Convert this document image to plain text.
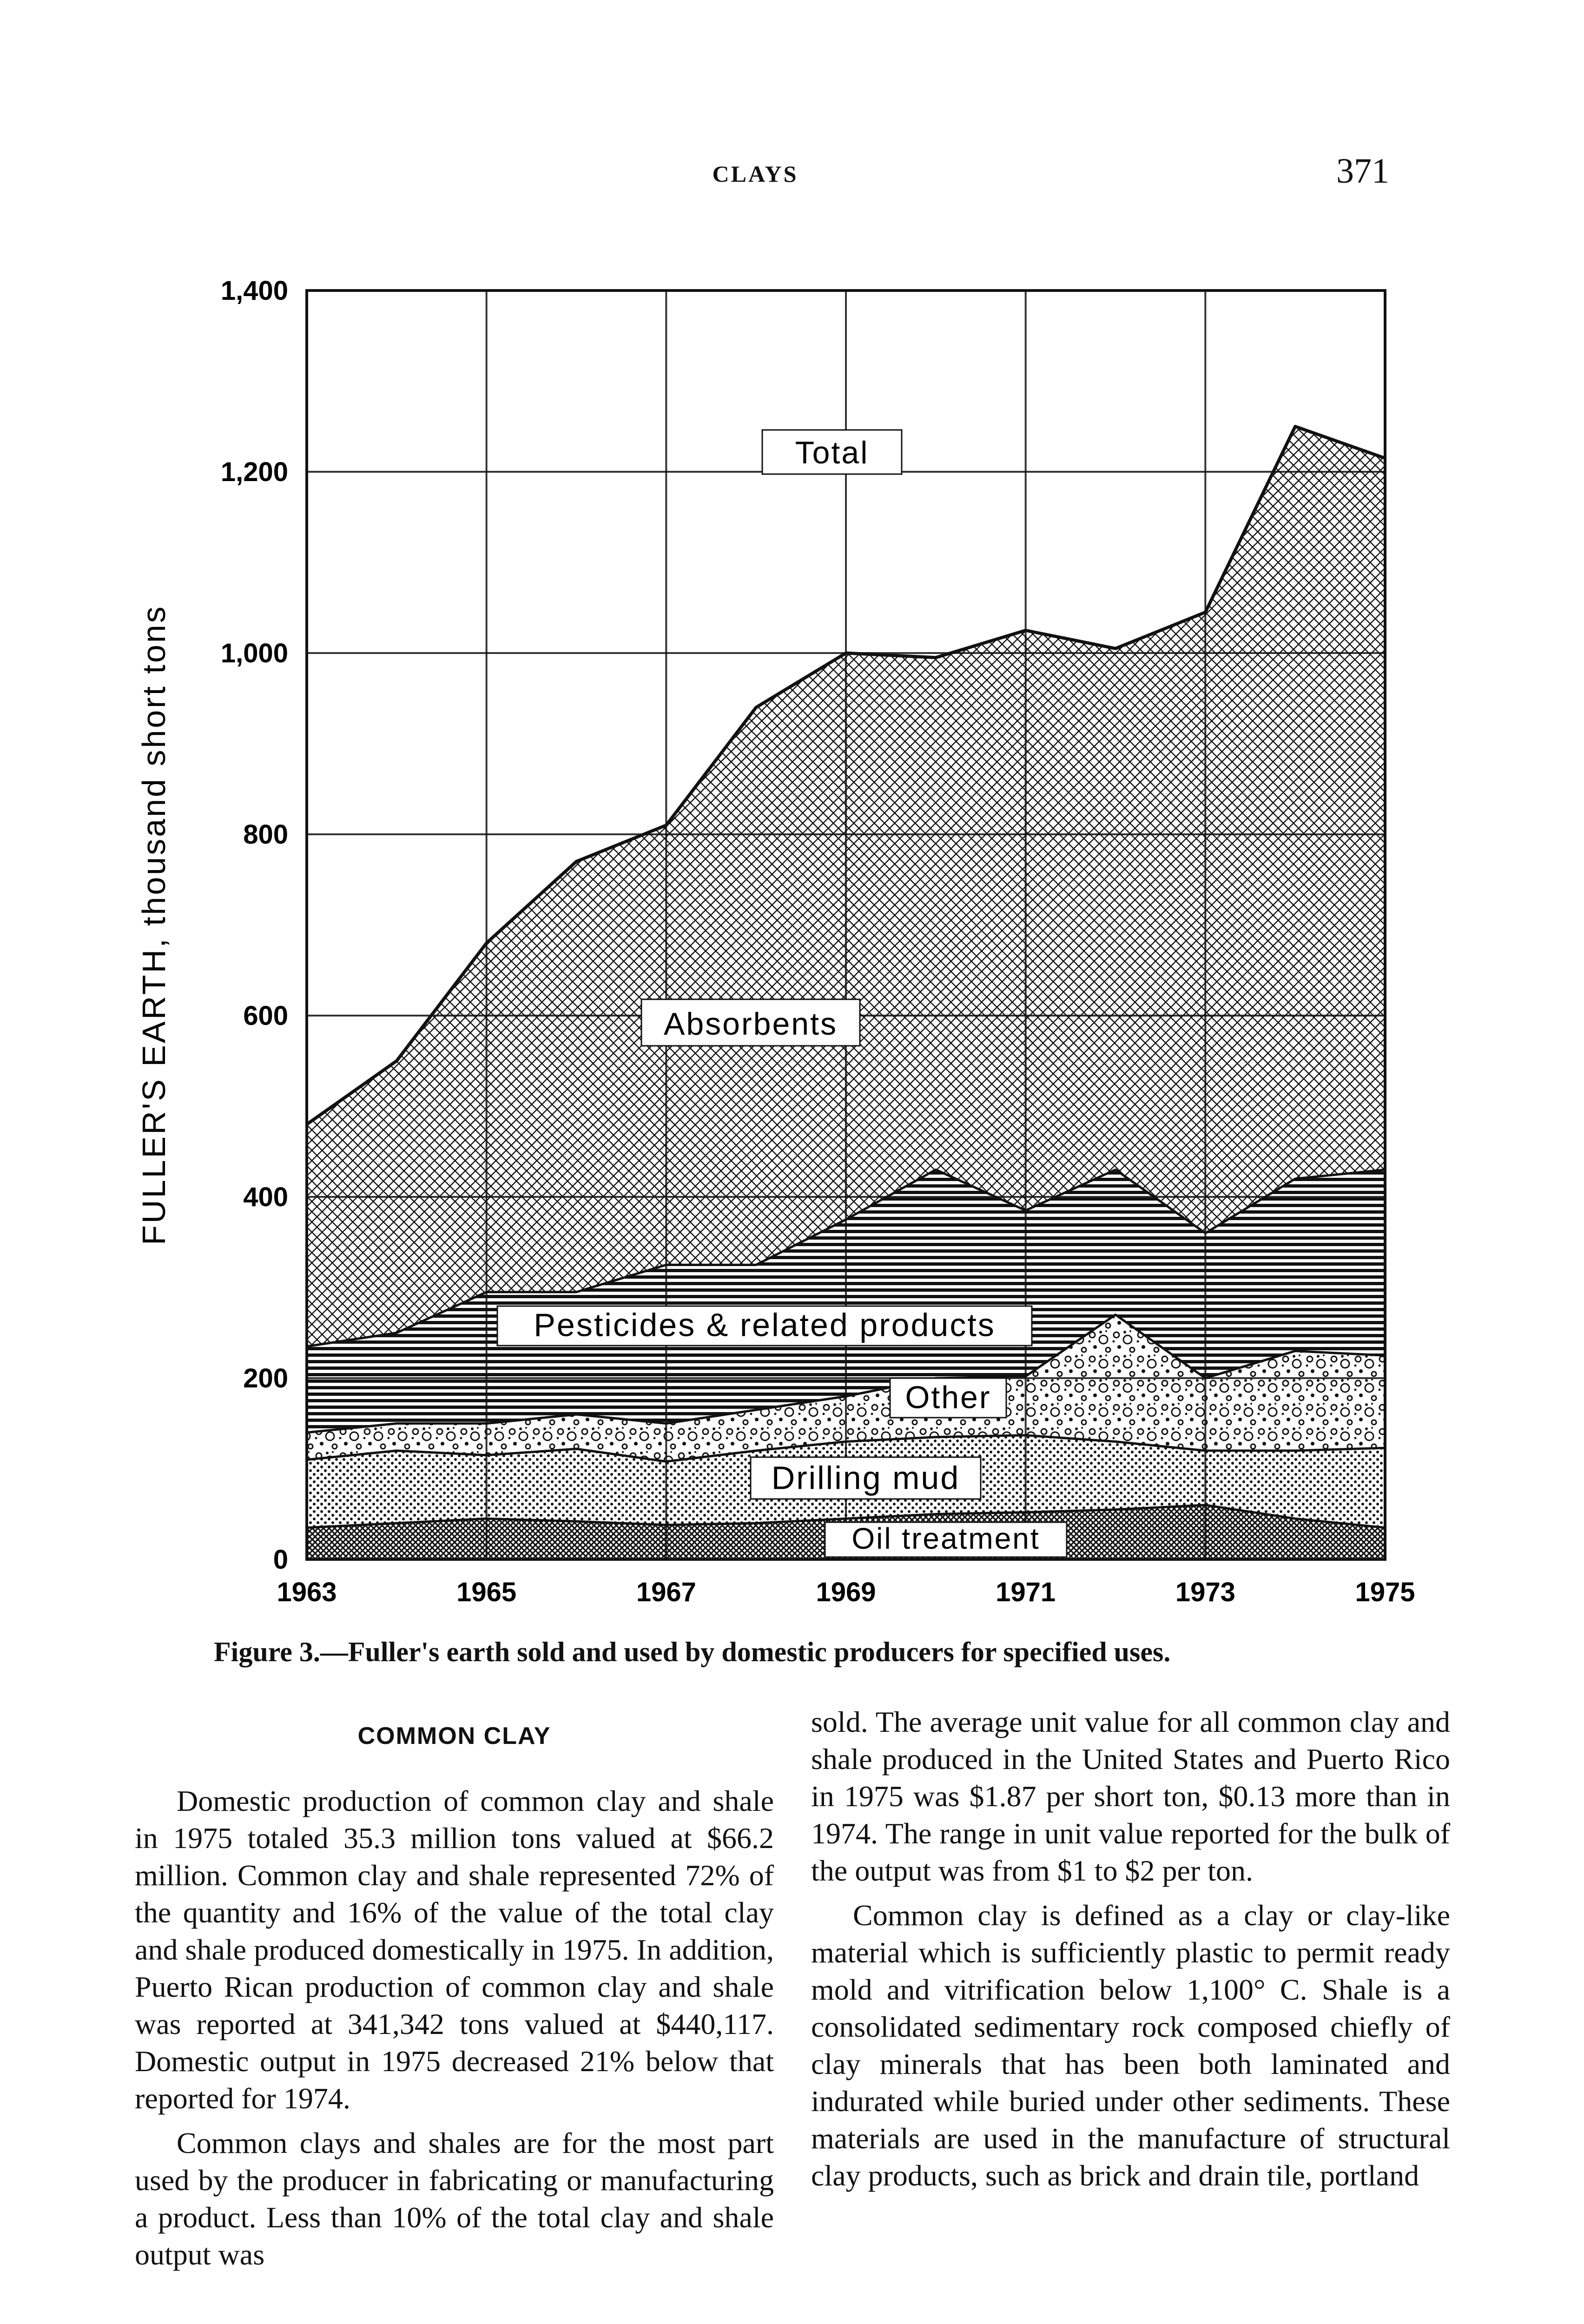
CLAYS	371
0
200
400
600
800
1,000
1,200
1,400
1963	1965	1967	1969	1971	1973	1975
FULLER'S EARTH, thousand short tons
Total
Absorbents
Pesticides & related products
Other
Drilling mud
Oil treatment
Figure 3.—Fuller's earth sold and used by domestic producers for specified uses.
COMMON CLAY

Domestic production of common clay and shale in 1975 totaled 35.3 million tons valued at $66.2 million. Common clay and shale represented 72% of the quantity and 16% of the value of the total clay and shale produced domestically in 1975. In addition, Puerto Rican production of common clay and shale was reported at 341,342 tons valued at $440,117. Domestic output in 1975 decreased 21% below that reported for 1974.

Common clays and shales are for the most part used by the producer in fabricating or manufacturing a product. Less than 10% of the total clay and shale output was

sold. The average unit value for all common clay and shale produced in the United States and Puerto Rico in 1975 was $1.87 per short ton, $0.13 more than in 1974. The range in unit value reported for the bulk of the output was from $1 to $2 per ton.

Common clay is defined as a clay or clay-like material which is sufficiently plastic to permit ready mold and vitrification below 1,100° C. Shale is a consolidated sedimentary rock composed chiefly of clay minerals that has been both laminated and indurated while buried under other sediments. These materials are used in the manufacture of structural clay products, such as brick and drain tile, portland
